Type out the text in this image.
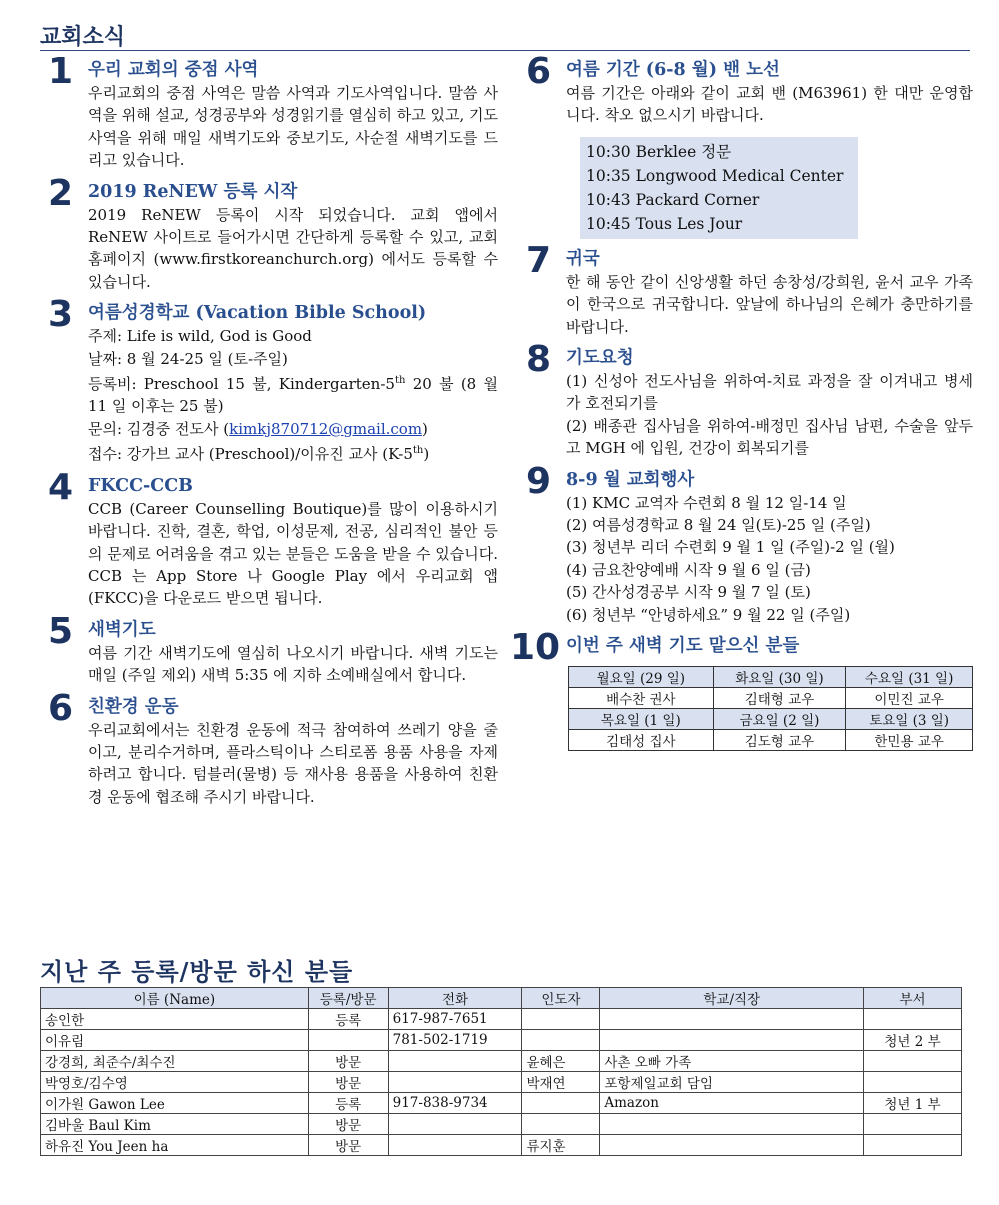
교회소식
1 우리 교회의 중점 사역
우리교회의 중점 사역은 말씀 사역과 기도사역입니다. 말씀 사역을 위해 설교, 성경공부와 성경읽기를 열심히 하고 있고, 기도 사역을 위해 매일 새벽기도와 중보기도, 사순절 새벽기도를 드리고 있습니다.
2 2019 ReNEW 등록 시작
2019 ReNEW 등록이 시작 되었습니다. 교회 앱에서 ReNEW 사이트로 들어가시면 간단하게 등록할 수 있고, 교회 홈페이지 (www.firstkoreanchurch.org) 에서도 등록할 수 있습니다.
3 여름성경학교 (Vacation Bible School)
주제: Life is wild, God is Good
날짜: 8 월 24-25 일 (토-주일)
등록비: Preschool 15 불, Kindergarten-5th 20 불 (8 월 11 일 이후는 25 불)
문의: 김경중 전도사 (kimkj870712@gmail.com)
접수: 강가브 교사 (Preschool)/이유진 교사 (K-5th)
4 FKCC-CCB
CCB (Career Counselling Boutique)를 많이 이용하시기 바랍니다. 진학, 결혼, 학업, 이성문제, 전공, 심리적인 불안 등의 문제로 어려움을 겪고 있는 분들은 도움을 받을 수 있습니다. CCB 는 App Store 나 Google Play 에서 우리교회 앱 (FKCC)을 다운로드 받으면 됩니다.
5 새벽기도
여름 기간 새벽기도에 열심히 나오시기 바랍니다. 새벽 기도는 매일 (주일 제외) 새벽 5:35 에 지하 소예배실에서 합니다.
6 친환경 운동
우리교회에서는 친환경 운동에 적극 참여하여 쓰레기 양을 줄이고, 분리수거하며, 플라스틱이나 스티로폼 용품 사용을 자제하려고 합니다. 텀블러(물병) 등 재사용 용품을 사용하여 친환경 운동에 협조해 주시기 바랍니다.
6 여름 기간 (6-8 월) 밴 노선
여름 기간은 아래와 같이 교회 밴 (M63961) 한 대만 운영합니다. 착오 없으시기 바랍니다.
10:30 Berklee 정문
10:35 Longwood Medical Center
10:43 Packard Corner
10:45 Tous Les Jour
7 귀국
한 해 동안 같이 신앙생활 하던 송창성/강희원, 윤서 교우 가족이 한국으로 귀국합니다. 앞날에 하나님의 은혜가 충만하기를 바랍니다.
8 기도요청
(1) 신성아 전도사님을 위하여-치료 과정을 잘 이겨내고 병세가 호전되기를
(2) 배종관 집사님을 위하여-배정민 집사님 남편, 수술을 앞두고 MGH 에 입원, 건강이 회복되기를
9 8-9 월 교회행사
(1) KMC 교역자 수련회 8 월 12 일-14 일
(2) 여름성경학교 8 월 24 일(토)-25 일 (주일)
(3) 청년부 리더 수련회 9 월 1 일 (주일)-2 일 (월)
(4) 금요찬양예배 시작 9 월 6 일 (금)
(5) 간사성경공부 시작 9 월 7 일 (토)
(6) 청년부 “안녕하세요” 9 월 22 일 (주일)
10 이번 주 새벽 기도 맡으신 분들
월요일 (29 일)	화요일 (30 일)	수요일 (31 일)
배수찬 권사	김태형 교우	이민진 교우
목요일 (1 일)	금요일 (2 일)	토요일 (3 일)
김태성 집사	김도형 교우	한민용 교우
지난 주 등록/방문 하신 분들
이름 (Name)	등록/방문	전화	인도자	학교/직장	부서
송인한	등록	617-987-7651			
이유림		781-502-1719			청년 2 부
강경희, 최준수/최수진	방문		윤혜은	사촌 오빠 가족	
박영호/김수영	방문		박재연	포항제일교회 담임	
이가원 Gawon Lee	등록	917-838-9734		Amazon	청년 1 부
김바울 Baul Kim	방문				
하유진 You Jeen ha	방문		류지훈		
